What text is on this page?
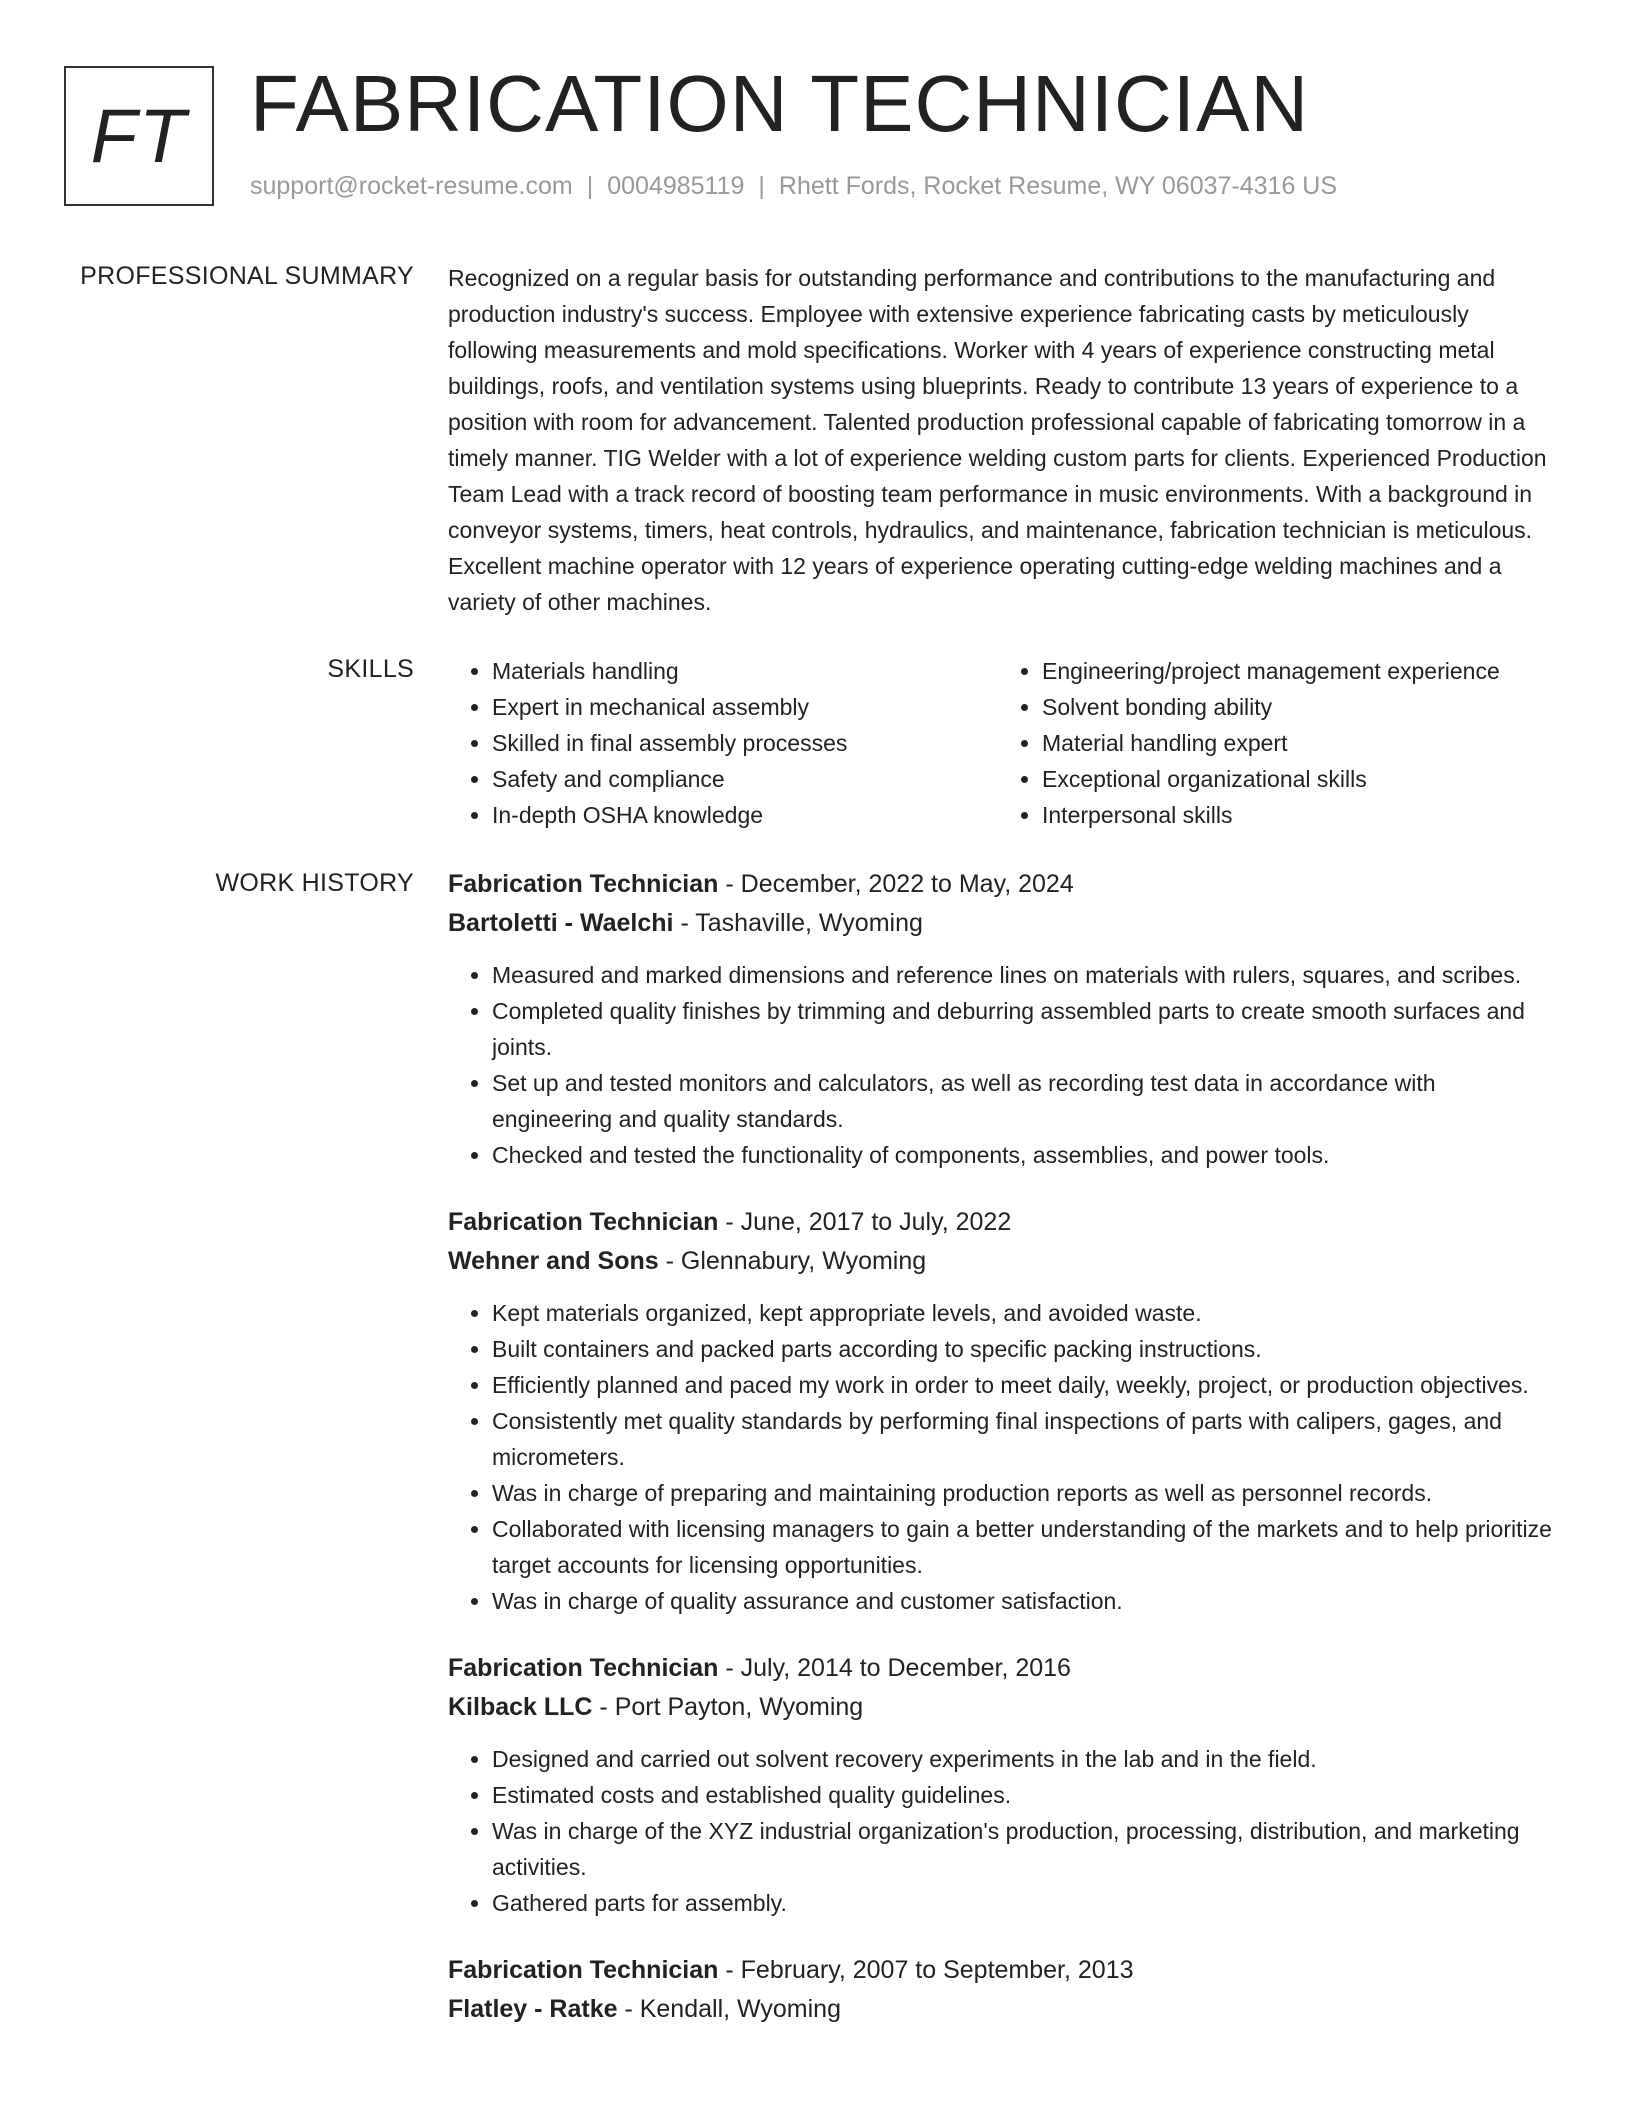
FT FABRICATION TECHNICIAN
support@rocket-resume.com | 0004985119 | Rhett Fords, Rocket Resume, WY 06037-4316 US
PROFESSIONAL SUMMARY Recognized on a regular basis for outstanding performance and contributions to the manufacturing and production industry's success. Employee with extensive experience fabricating casts by meticulously following measurements and mold specifications. Worker with 4 years of experience constructing metal buildings, roofs, and ventilation systems using blueprints. Ready to contribute 13 years of experience to a position with room for advancement. Talented production professional capable of fabricating tomorrow in a timely manner. TIG Welder with a lot of experience welding custom parts for clients. Experienced Production Team Lead with a track record of boosting team performance in music environments. With a background in conveyor systems, timers, heat controls, hydraulics, and maintenance, fabrication technician is meticulous. Excellent machine operator with 12 years of experience operating cutting-edge welding machines and a variety of other machines.

SKILLS
•	Materials handling
• Expert in mechanical assembly
• Skilled in final assembly processes
• Safety and compliance
• In-depth OSHA knowledge
• Engineering/project management experience
• Solvent bonding ability
• Material handling expert
• Exceptional organizational skills
• Interpersonal skills
WORK HISTORY Fabrication Technician - December, 2022 to May, 2024
Bartoletti - Waelchi - Tashaville, Wyoming
• Measured and marked dimensions and reference lines on materials with rulers, squares, and scribes.
• Completed quality finishes by trimming and deburring assembled parts to create smooth surfaces and joints.
• Set up and tested monitors and calculators, as well as recording test data in accordance with engineering and quality standards.
• Checked and tested the functionality of components, assemblies, and power tools.
Fabrication Technician - June, 2017 to July, 2022
Wehner and Sons - Glennabury, Wyoming
• Kept materials organized, kept appropriate levels, and avoided waste.
• Built containers and packed parts according to specific packing instructions.
• Efficiently planned and paced my work in order to meet daily, weekly, project, or production objectives.
• Consistently met quality standards by performing final inspections of parts with calipers, gages, and micrometers.
• Was in charge of preparing and maintaining production reports as well as personnel records.
• Collaborated with licensing managers to gain a better understanding of the markets and to help prioritize target accounts for licensing opportunities.
• Was in charge of quality assurance and customer satisfaction.
Fabrication Technician - July, 2014 to December, 2016
Kilback LLC - Port Payton, Wyoming
• Designed and carried out solvent recovery experiments in the lab and in the field.
• Estimated costs and established quality guidelines.
• Was in charge of the XYZ industrial organization's production, processing, distribution, and marketing activities.
• Gathered parts for assembly.
Fabrication Technician - February, 2007 to September, 2013
Flatley - Ratke - Kendall, Wyoming
